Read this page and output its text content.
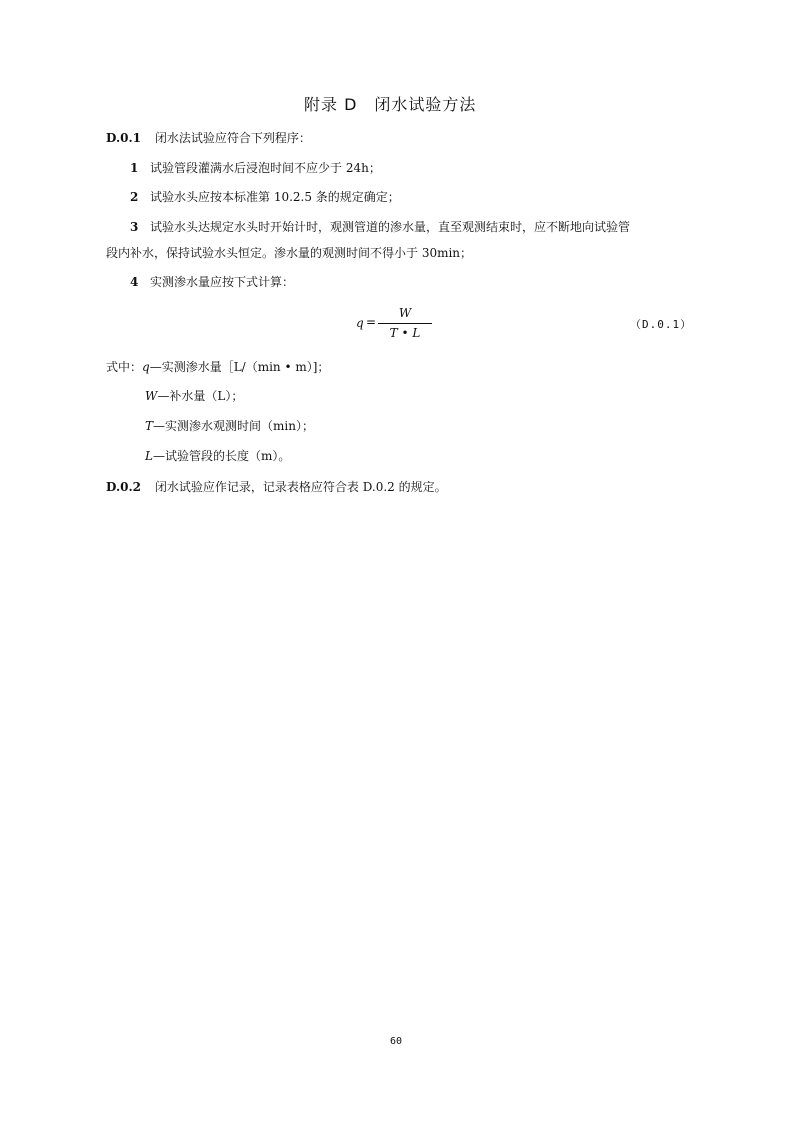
附录 D　闭水试验方法
D.0.1 闭水法试验应符合下列程序：
1 试验管段灌满水后浸泡时间不应少于 24h；
2 试验水头应按本标准第 10.2.5 条的规定确定；
3 试验水头达规定水头时开始计时，观测管道的渗水量，直至观测结束时，应不断地向试验管
段内补水，保持试验水头恒定。渗水量的观测时间不得小于 30min；
4 实测渗水量应按下式计算：
q =
W
T • L
（D.0.1）
式中：q—实测渗水量［L/（min • m）]；
W—补水量（L）；
T—实测渗水观测时间（min）；
L—试验管段的长度（m）。
D.0.2 闭水试验应作记录，记录表格应符合表 D.0.2 的规定。
60
